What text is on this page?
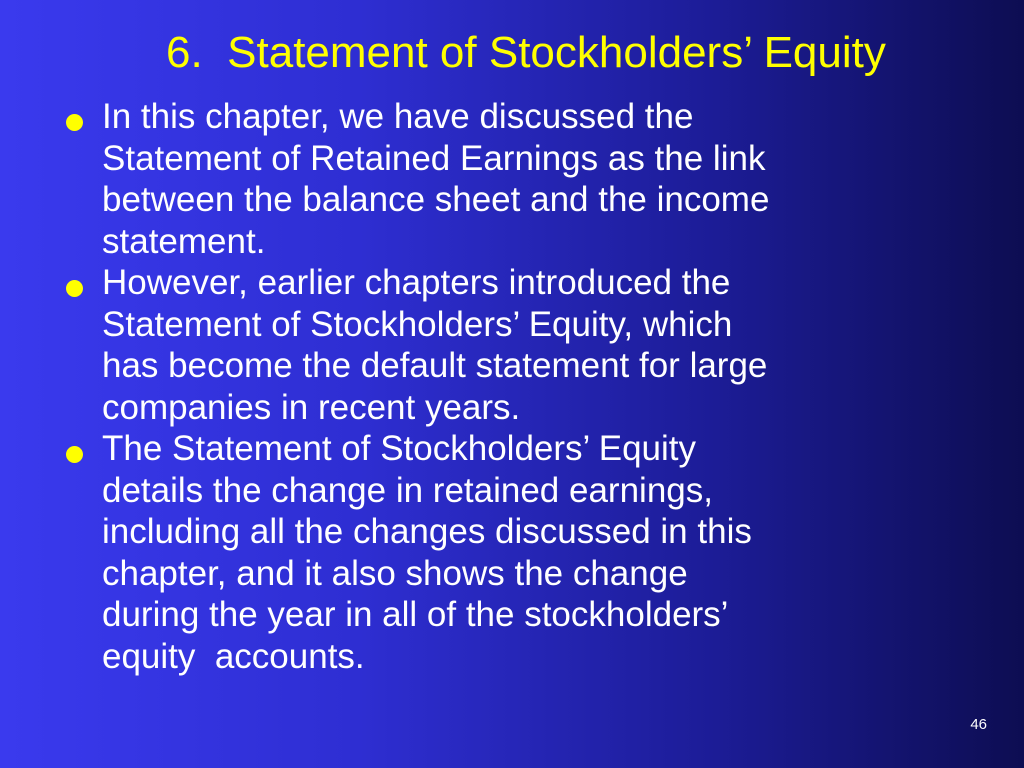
6.  Statement of Stockholders’ Equity
In this chapter, we have discussed the
Statement of Retained Earnings as the link
between the balance sheet and the income
statement.
However, earlier chapters introduced the
Statement of Stockholders’ Equity, which
has become the default statement for large
companies in recent years.
The Statement of Stockholders’ Equity
details the change in retained earnings,
including all the changes discussed in this
chapter, and it also shows the change
during the year in all of the stockholders’
equity  accounts.
46
